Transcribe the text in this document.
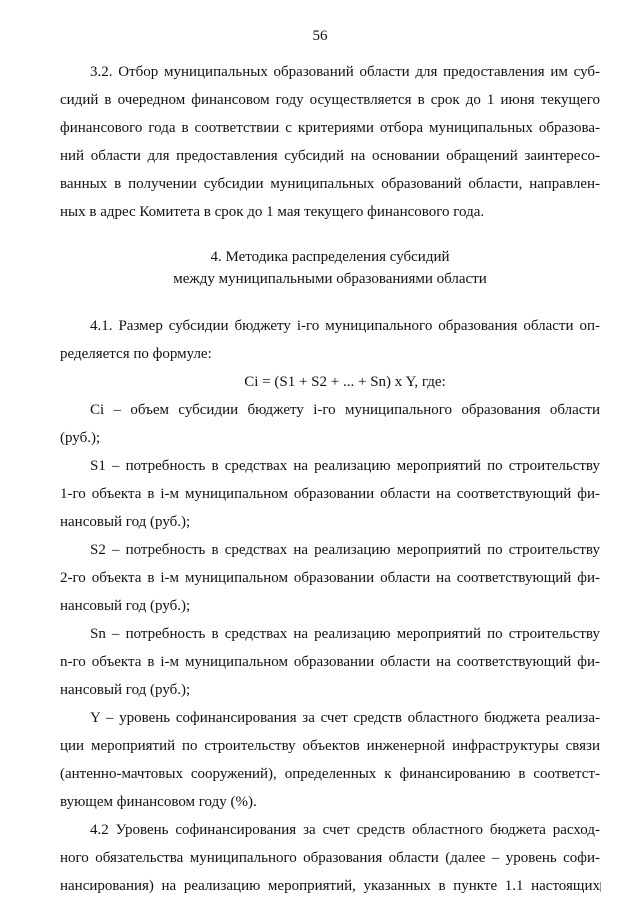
56
3.2. Отбор муниципальных образований области для предоставления им суб-
сидий в очередном финансовом году осуществляется в срок до 1 июня текущего
финансового года в соответствии с критериями отбора муниципальных образова-
ний области для предоставления субсидий на основании обращений заинтересо-
ванных в получении субсидии муниципальных образований области, направлен-
ных в адрес Комитета в срок до 1 мая текущего финансового года.
4. Методика распределения субсидий
между муниципальными образованиями области
4.1. Размер субсидии бюджету i-го муниципального образования области оп-
ределяется по формуле:
Ci = (S1 + S2 + ... + Sn) x Y, где:
Ci – объем субсидии бюджету i-го муниципального образования области
(руб.);
S1 – потребность в средствах на реализацию мероприятий по строительству
1-го объекта в i-м муниципальном образовании области на соответствующий фи-
нансовый год (руб.);
S2 – потребность в средствах на реализацию мероприятий по строительству
2-го объекта в i-м муниципальном образовании области на соответствующий фи-
нансовый год (руб.);
Sn – потребность в средствах на реализацию мероприятий по строительству
n-го объекта в i-м муниципальном образовании области на соответствующий фи-
нансовый год (руб.);
Y – уровень софинансирования за счет средств областного бюджета реализа-
ции мероприятий по строительству объектов инженерной инфраструктуры связи
(антенно-мачтовых сооружений), определенных к финансированию в соответст-
вующем финансовом году (%).
4.2 Уровень софинансирования за счет средств областного бюджета расход-
ного обязательства муниципального образования области (далее – уровень софи-
нансирования) на реализацию мероприятий, указанных в пункте 1.1 настоящих
